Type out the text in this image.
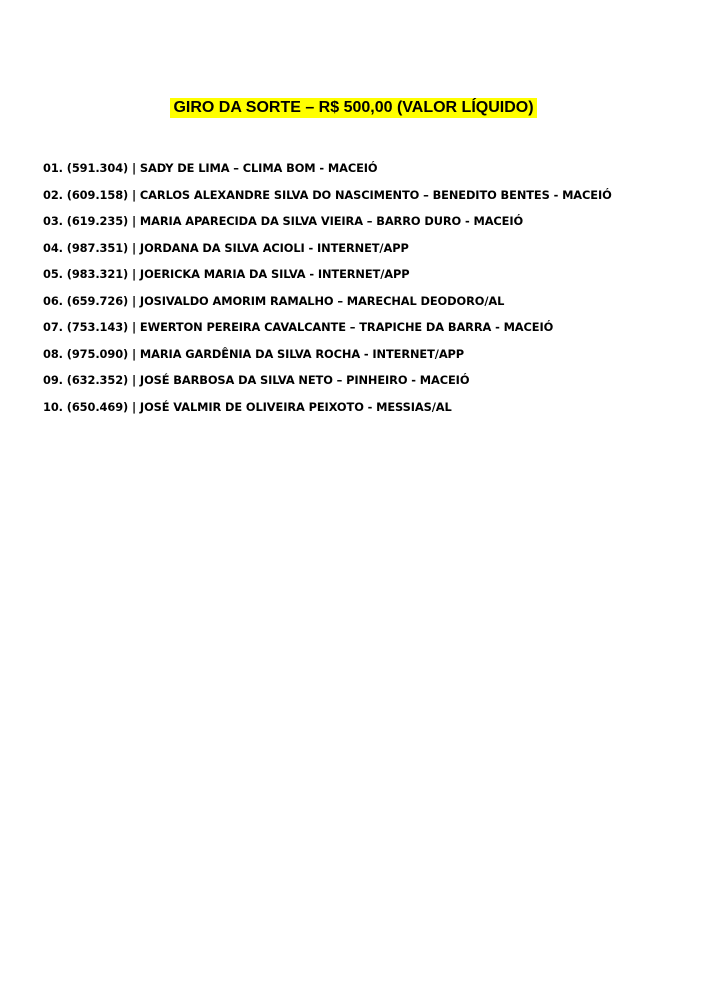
GIRO DA SORTE – R$ 500,00 (VALOR LÍQUIDO)
01. (591.304) | SADY DE LIMA – CLIMA BOM - MACEIÓ
02. (609.158) | CARLOS ALEXANDRE SILVA DO NASCIMENTO – BENEDITO BENTES - MACEIÓ
03. (619.235) | MARIA APARECIDA DA SILVA VIEIRA – BARRO DURO - MACEIÓ
04. (987.351) | JORDANA DA SILVA ACIOLI - INTERNET/APP
05. (983.321) | JOERICKA MARIA DA SILVA - INTERNET/APP
06. (659.726) | JOSIVALDO AMORIM RAMALHO – MARECHAL DEODORO/AL
07. (753.143) | EWERTON PEREIRA CAVALCANTE – TRAPICHE DA BARRA - MACEIÓ
08. (975.090) | MARIA GARDÊNIA DA SILVA ROCHA - INTERNET/APP
09. (632.352) | JOSÉ BARBOSA DA SILVA NETO – PINHEIRO - MACEIÓ
10. (650.469) | JOSÉ VALMIR DE OLIVEIRA PEIXOTO - MESSIAS/AL
